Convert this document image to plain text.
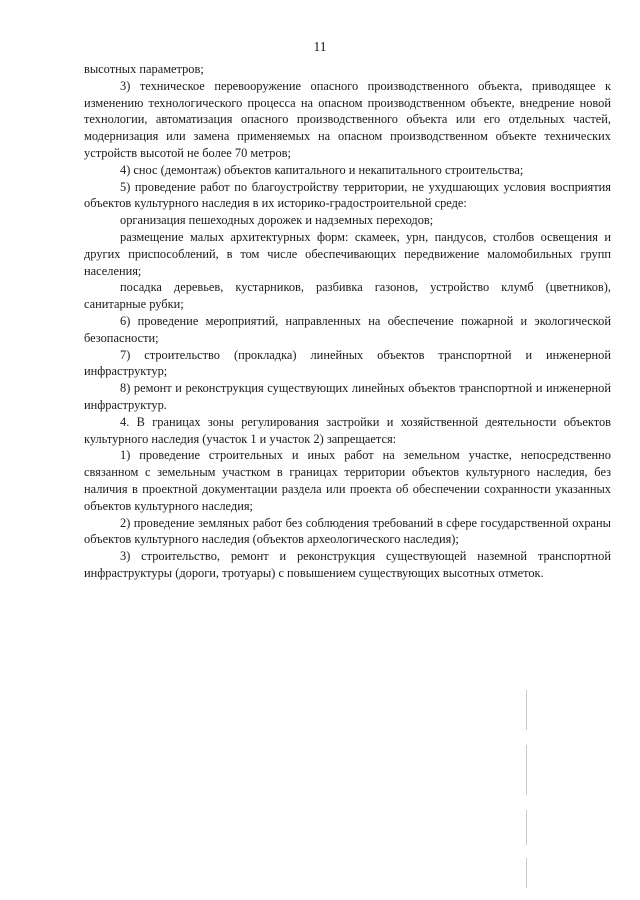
11

высотных параметров;

3) техническое перевооружение опасного производственного объекта, приводящее к изменению технологического процесса на опасном производственном объекте, внедрение новой технологии, автоматизация опасного производственного объекта или его отдельных частей, модернизация или замена применяемых на опасном производственном объекте технических устройств высотой не более 70 метров;

4) снос (демонтаж) объектов капитального и некапитального строительства;

5) проведение работ по благоустройству территории, не ухудшающих условия восприятия объектов культурного наследия в их историко-градостроительной среде:

организация пешеходных дорожек и надземных переходов;

размещение малых архитектурных форм: скамеек, урн, пандусов, столбов освещения и других приспособлений, в том числе обеспечивающих передвижение маломобильных групп населения;

посадка деревьев, кустарников, разбивка газонов, устройство клумб (цветников), санитарные рубки;

6) проведение мероприятий, направленных на обеспечение пожарной и экологической безопасности;

7) строительство (прокладка) линейных объектов транспортной и инженерной инфраструктур;

8) ремонт и реконструкция существующих линейных объектов транспортной и инженерной инфраструктур.

4. В границах зоны регулирования застройки и хозяйственной деятельности объектов культурного наследия (участок 1 и участок 2) запрещается:

1) проведение строительных и иных работ на земельном участке, непосредственно связанном с земельным участком в границах территории объектов культурного наследия, без наличия в проектной документации раздела или проекта об обеспечении сохранности указанных объектов культурного наследия;

2) проведение земляных работ без соблюдения требований в сфере государственной охраны объектов культурного наследия (объектов археологического наследия);

3) строительство, ремонт и реконструкция существующей наземной транспортной инфраструктуры (дороги, тротуары) с повышением существующих высотных отметок.
